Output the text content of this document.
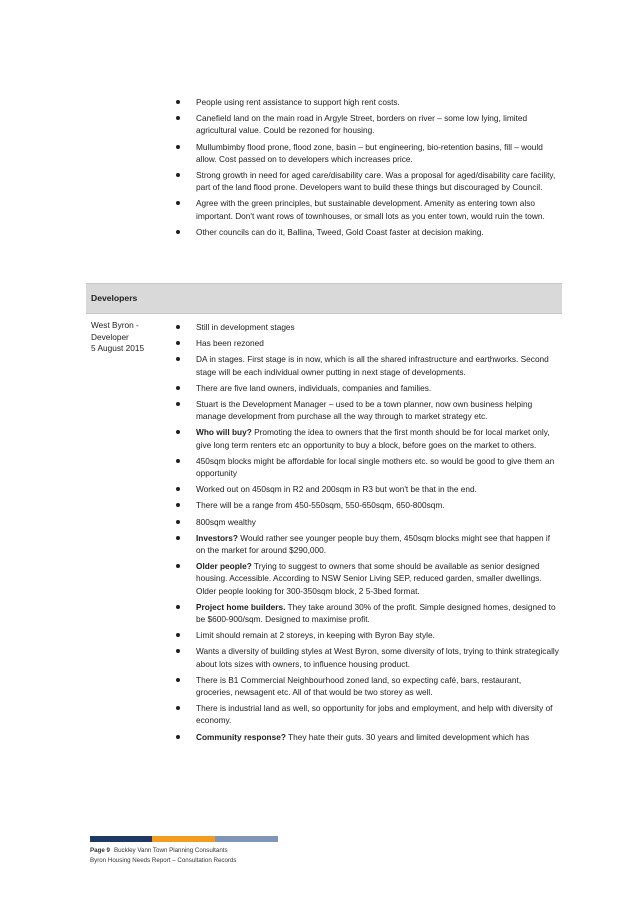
People using rent assistance to support high rent costs.
Canefield land on the main road in Argyle Street, borders on river – some low lying, limited agricultural value. Could be rezoned for housing.
Mullumbimby flood prone, flood zone, basin – but engineering, bio-retention basins, fill – would allow. Cost passed on to developers which increases price.
Strong growth in need for aged care/disability care. Was a proposal for aged/disability care facility, part of the land flood prone. Developers want to build these things but discouraged by Council.
Agree with the green principles, but sustainable development. Amenity as entering town also important. Don't want rows of townhouses, or small lots as you enter town, would ruin the town.
Other councils can do it, Ballina, Tweed, Gold Coast faster at decision making.
Developers
West Byron -
Developer
5 August 2015
Still in development stages
Has been rezoned
DA in stages. First stage is in now, which is all the shared infrastructure and earthworks. Second stage will be each individual owner putting in next stage of developments.
There are five land owners, individuals, companies and families.
Stuart is the Development Manager – used to be a town planner, now own business helping manage development from purchase all the way through to market strategy etc.
Who will buy? Promoting the idea to owners that the first month should be for local market only, give long term renters etc an opportunity to buy a block, before goes on the market to others.
450sqm blocks might be affordable for local single mothers etc. so would be good to give them an opportunity
Worked out on 450sqm in R2 and 200sqm in R3 but won't be that in the end.
There will be a range from 450-550sqm, 550-650sqm, 650-800sqm.
800sqm wealthy
Investors? Would rather see younger people buy them, 450sqm blocks might see that happen if on the market for around $290,000.
Older people? Trying to suggest to owners that some should be available as senior designed housing. Accessible. According to NSW Senior Living SEP, reduced garden, smaller dwellings. Older people looking for 300-350sqm block, 2 5-3bed format.
Project home builders. They take around 30% of the profit. Simple designed homes, designed to be $600-900/sqm. Designed to maximise profit.
Limit should remain at 2 storeys, in keeping with Byron Bay style.
Wants a diversity of building styles at West Byron, some diversity of lots, trying to think strategically about lots sizes with owners, to influence housing product.
There is B1 Commercial Neighbourhood zoned land, so expecting café, bars, restaurant, groceries, newsagent etc. All of that would be two storey as well.
There is industrial land as well, so opportunity for jobs and employment, and help with diversity of economy.
Community response? They hate their guts. 30 years and limited development which has
Page 9 Buckley Vann Town Planning Consultants
Byron Housing Needs Report – Consultation Records
